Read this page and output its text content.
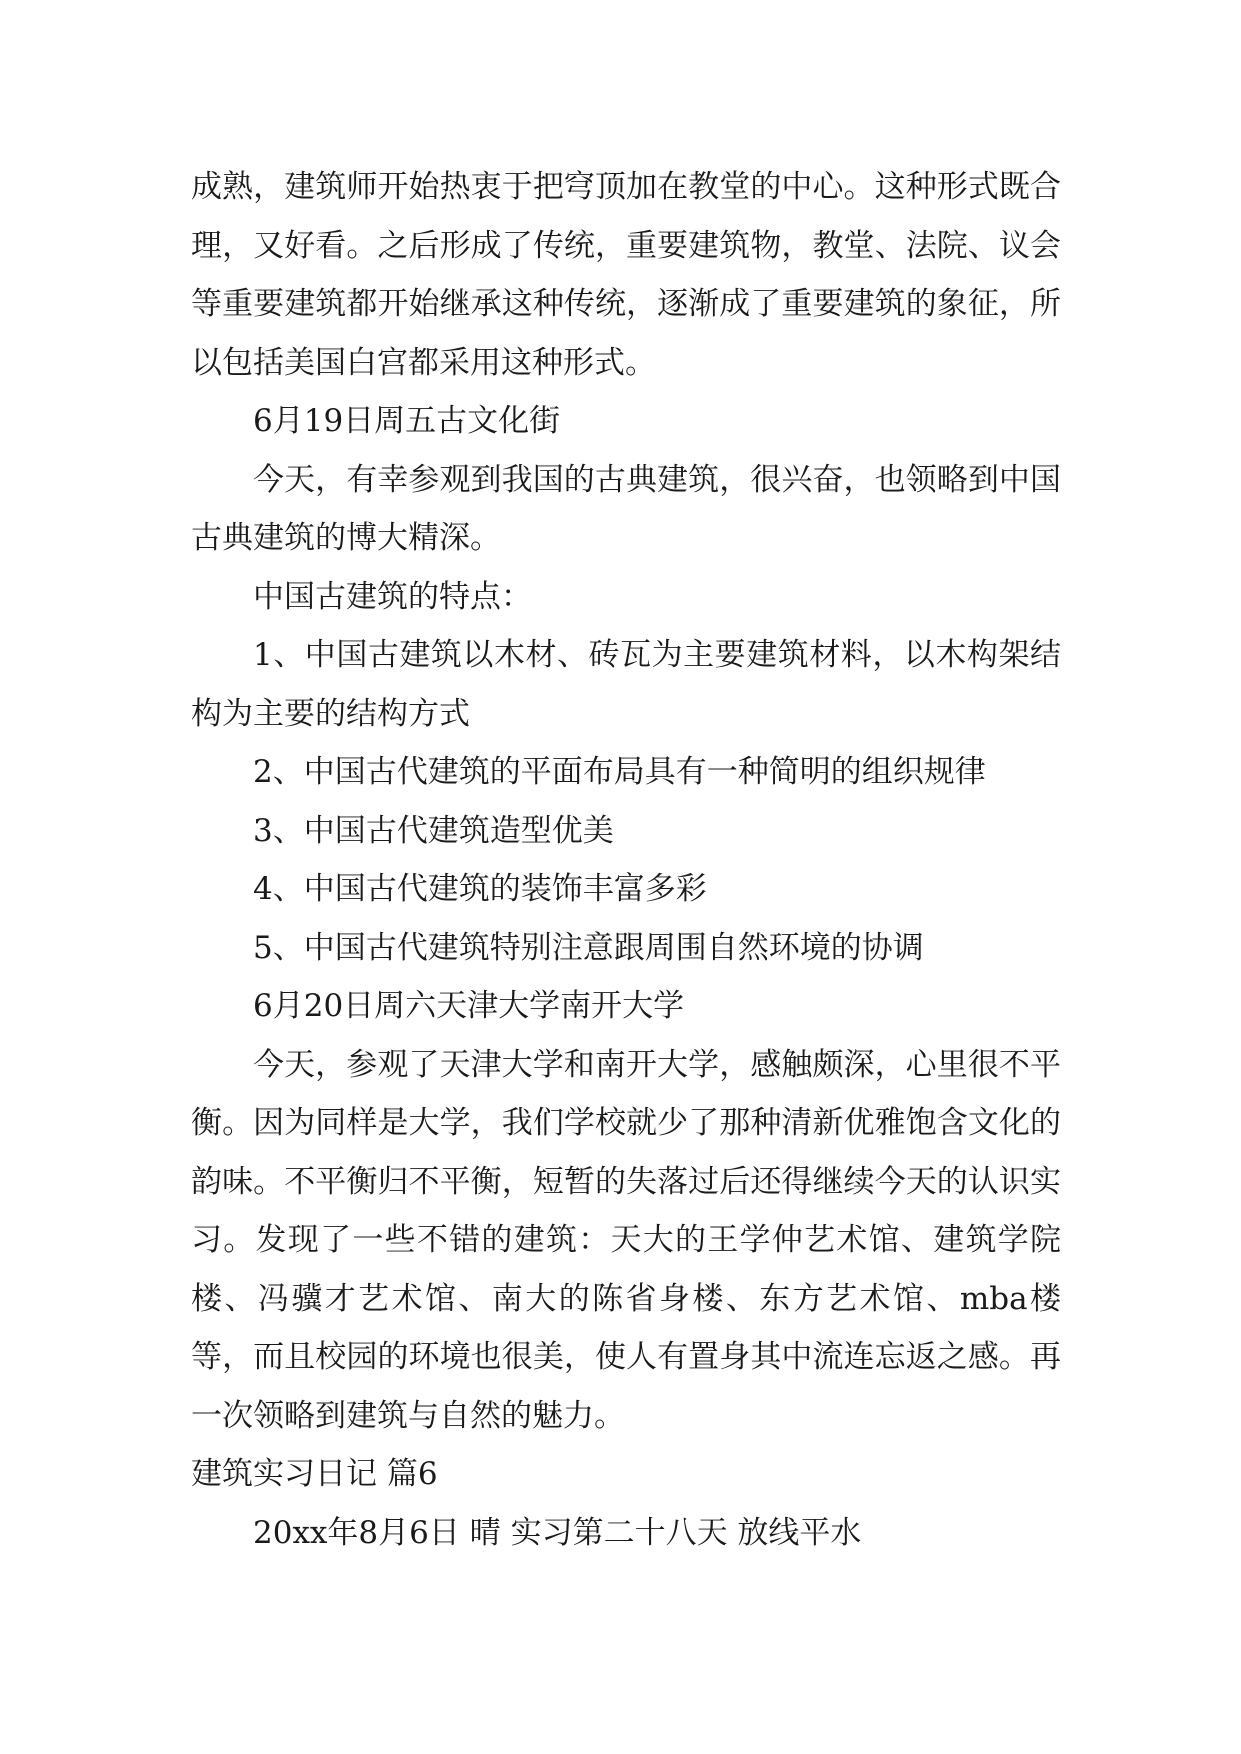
成熟，建筑师开始热衷于把穹顶加在教堂的中心。这种形式既合理，又好看。之后形成了传统，重要建筑物，教堂、法院、议会等重要建筑都开始继承这种传统，逐渐成了重要建筑的象征，所以包括美国白宫都采用这种形式。

6月19日周五古文化街

今天，有幸参观到我国的古典建筑，很兴奋，也领略到中国古典建筑的博大精深。

中国古建筑的特点：

1、中国古建筑以木材、砖瓦为主要建筑材料，以木构架结构为主要的结构方式

2、中国古代建筑的平面布局具有一种简明的组织规律

3、中国古代建筑造型优美

4、中国古代建筑的装饰丰富多彩

5、中国古代建筑特别注意跟周围自然环境的协调

6月20日周六天津大学南开大学

今天，参观了天津大学和南开大学，感触颇深，心里很不平衡。因为同样是大学，我们学校就少了那种清新优雅饱含文化的韵味。不平衡归不平衡，短暂的失落过后还得继续今天的认识实习。发现了一些不错的建筑：天大的王学仲艺术馆、建筑学院楼、冯骥才艺术馆、南大的陈省身楼、东方艺术馆、mba楼等，而且校园的环境也很美，使人有置身其中流连忘返之感。再一次领略到建筑与自然的魅力。

建筑实习日记 篇6

20xx年8月6日 晴 实习第二十八天 放线平水
